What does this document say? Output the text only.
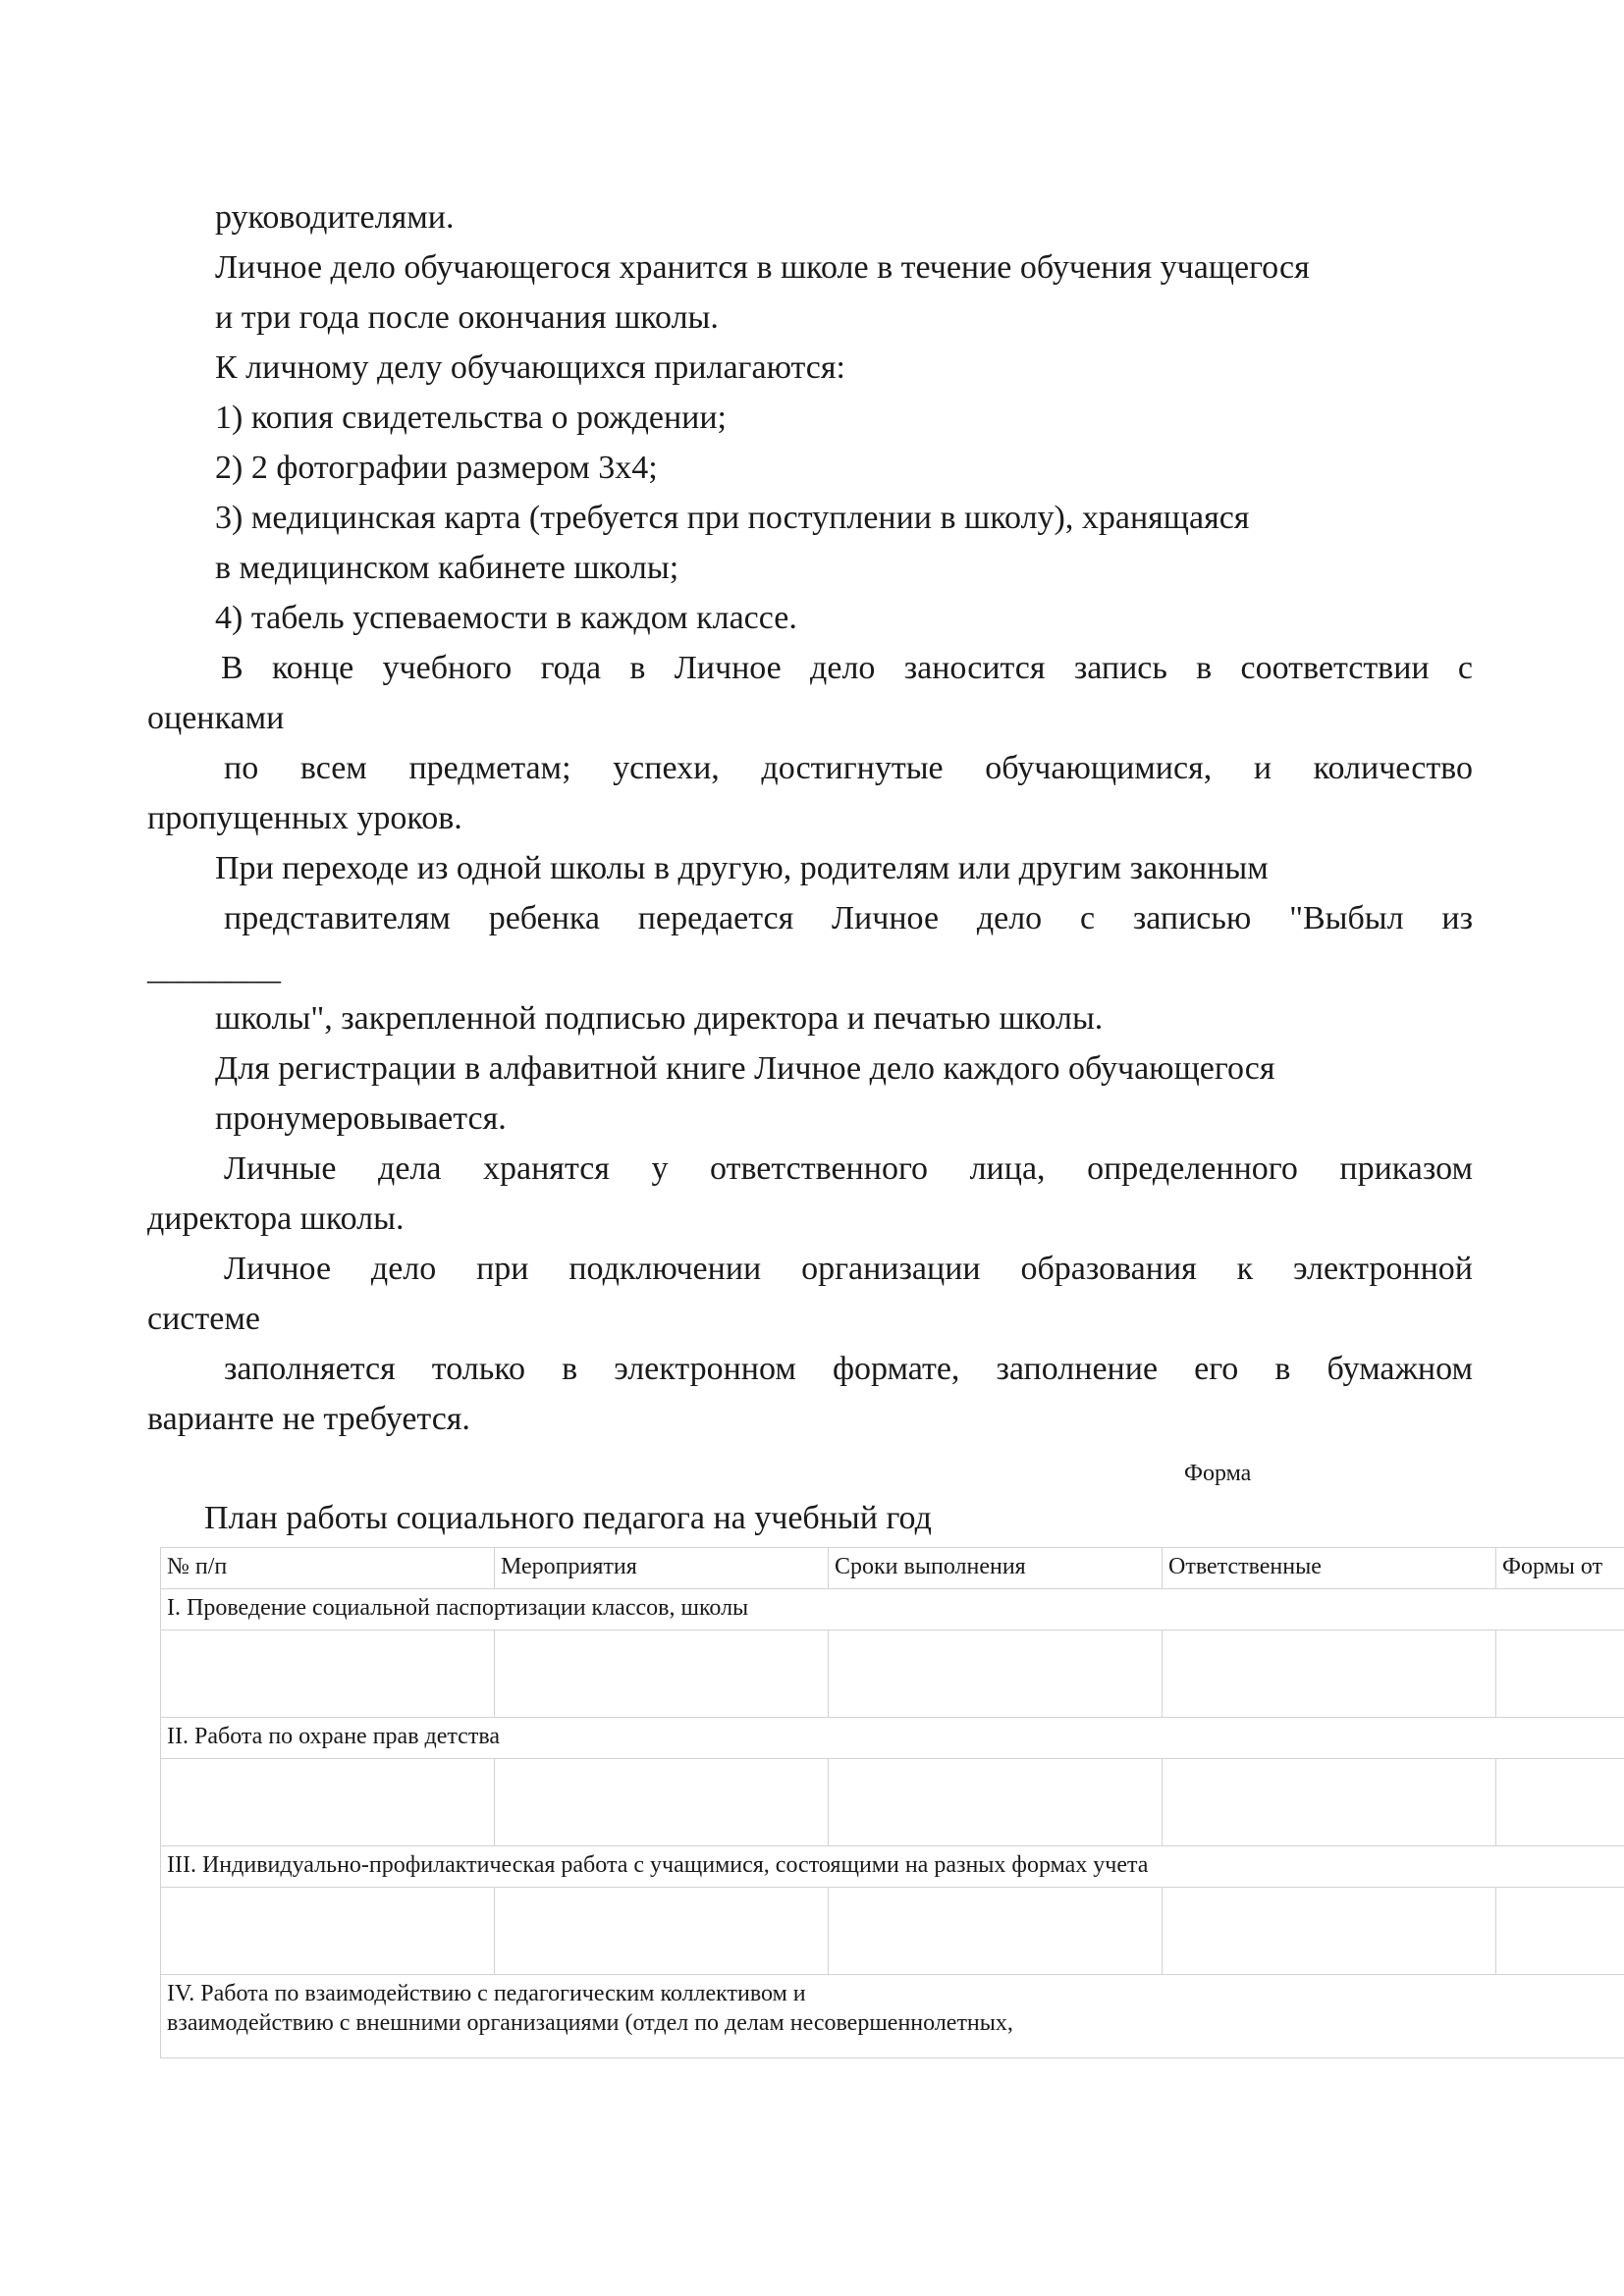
руководителями.
Личное дело обучающегося хранится в школе в течение обучения учащегося
и три года после окончания школы.
К личному делу обучающихся прилагаются:
1) копия свидетельства о рождении;
2) 2 фотографии размером 3х4;
3) медицинская карта (требуется при поступлении в школу), хранящаяся
в медицинском кабинете школы;
4) табель успеваемости в каждом классе.
В конце учебного года в Личное дело заносится запись в соответствии с
оценками
по всем предметам; успехи, достигнутые обучающимися, и количество
пропущенных уроков.
При переходе из одной школы в другую, родителям или другим законным
представителям ребенка передается Личное дело с записью "Выбыл из
________
школы", закрепленной подписью директора и печатью школы.
Для регистрации в алфавитной книге Личное дело каждого обучающегося
пронумеровывается.
Личные дела хранятся у ответственного лица, определенного приказом
директора школы.
Личное дело при подключении организации образования к электронной
системе
заполняется только в электронном формате, заполнение его в бумажном
варианте не требуется.
Форма
План работы социального педагога на учебный год
№ п/п	Мероприятия	Сроки выполнения	Ответственные	Формы от
I. Проведение социальной паспортизации классов, школы				

II. Работа по охране прав детства				

III. Индивидуально-профилактическая работа с учащимися, состоящими на разных формах учета				

IV. Работа по взаимодействию с педагогическим коллективом и
взаимодействию с внешними организациями (отдел по делам несовершеннолетных,				
